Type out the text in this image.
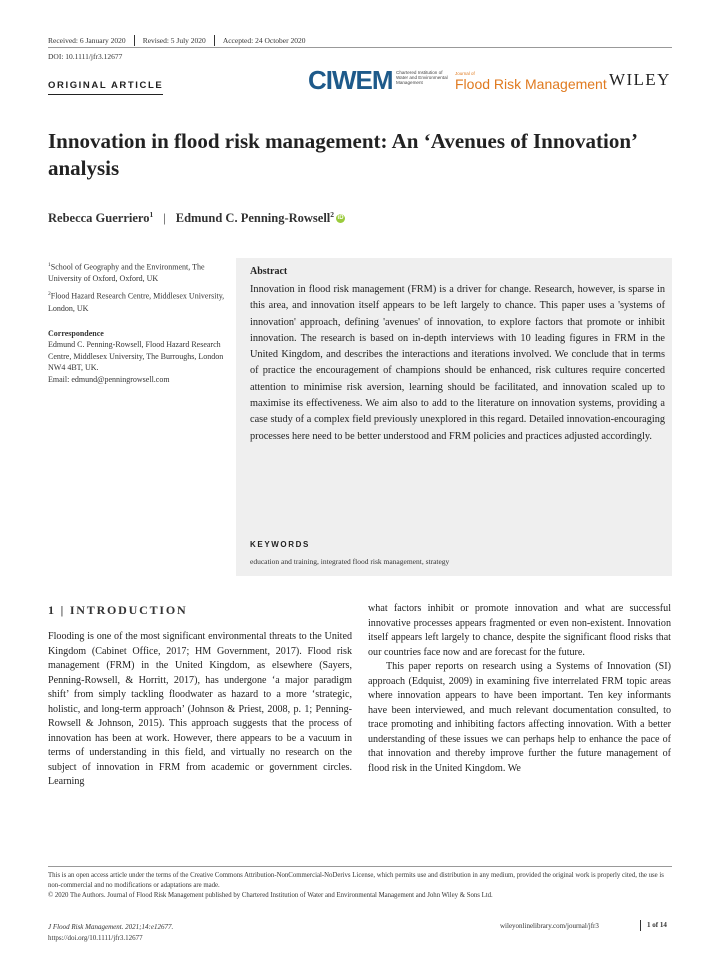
Received: 6 January 2020	Revised: 5 July 2020	Accepted: 24 October 2020
DOI: 10.1111/jfr3.12677
ORIGINAL ARTICLE	CIWEM Chartered Institution of Water and Environmental Management
Journal of
Flood Risk Management WILEY
Innovation in flood risk management: An ‘Avenues of Innovation’ analysis
Rebecca Guerriero$^1$ | Edmund C. Penning-Rowsell$^2$ iD

$^1$School of Geography and the Environment, The University of Oxford, Oxford, UK

$^2$Flood Hazard Research Centre, Middlesex University, London, UK

Correspondence

Edmund C. Penning-Rowsell, Flood Hazard Research Centre, Middlesex University, The Burroughs, London NW4 4BT, UK.

Email: edmund@penningrowsell.com

Abstract
Innovation in flood risk management (FRM) is a driver for change. Research, however, is sparse in this area, and innovation itself appears to be left largely to chance. This paper uses a 'systems of innovation' approach, defining 'avenues' of innovation, to explore factors that promote or inhibit innovation. The research is based on in-depth interviews with 10 leading figures in FRM in the United Kingdom, and describes the interactions and iterations involved. We conclude that in terms of practice the encouragement of champions should be enhanced, risk cultures require concerted attention to minimise risk aversion, learning should be facilitated, and innovation scaled up to maximise its effectiveness. We aim also to add to the literature on innovation systems, providing a case study of a complex field previously unexplored in this regard. Detailed innovation-encouraging processes here need to be better understood and FRM policies and practices adjusted accordingly.
KEYWORDS
education and training, integrated flood risk management, strategy
1 | INTRODUCTION

Flooding is one of the most significant environmental threats to the United Kingdom (Cabinet Office, 2017; HM Government, 2017). Flood risk management (FRM) in the United Kingdom, as elsewhere (Sayers, Penning-Rowsell, & Horritt, 2017), has undergone ‘a major paradigm shift’ from simply tackling floodwater as hazard to a more ‘strategic, holistic, and long-term approach’ (Johnson & Priest, 2008, p. 1; Penning-Rowsell & Johnson, 2015). This approach suggests that the process of innovation has been at work. However, there appears to be a vacuum in terms of understanding in this field, and virtually no research on the subject of innovation in FRM from academic or government circles. Learning

what factors inhibit or promote innovation and what are successful innovative processes appears fragmented or even non-existent. Innovation itself appears left largely to chance, despite the significant flood risks that our countries face now and are forecast for the future.

This paper reports on research using a Systems of Innovation (SI) approach (Edquist, 2009) in examining five interrelated FRM topic areas where innovation appears to have been important. Ten key informants have been interviewed, and much relevant documentation consulted, to trace promoting and inhibiting factors affecting innovation. With a better understanding of these issues we can perhaps help to enhance the pace of that innovation and thereby improve further the future management of flood risk in the United Kingdom. We

This is an open access article under the terms of the Creative Commons Attribution-NonCommercial-NoDerivs License, which permits use and distribution in any medium, provided the original work is properly cited, the use is non-commercial and no modifications or adaptations are made.

© 2020 The Authors. Journal of Flood Risk Management published by Chartered Institution of Water and Environmental Management and John Wiley & Sons Ltd.

J Flood Risk Management. 2021;14:e12677.
https://doi.org/10.1111/jfr3.12677
wileyonlinelibrary.com/journal/jfr3	1 of 14
